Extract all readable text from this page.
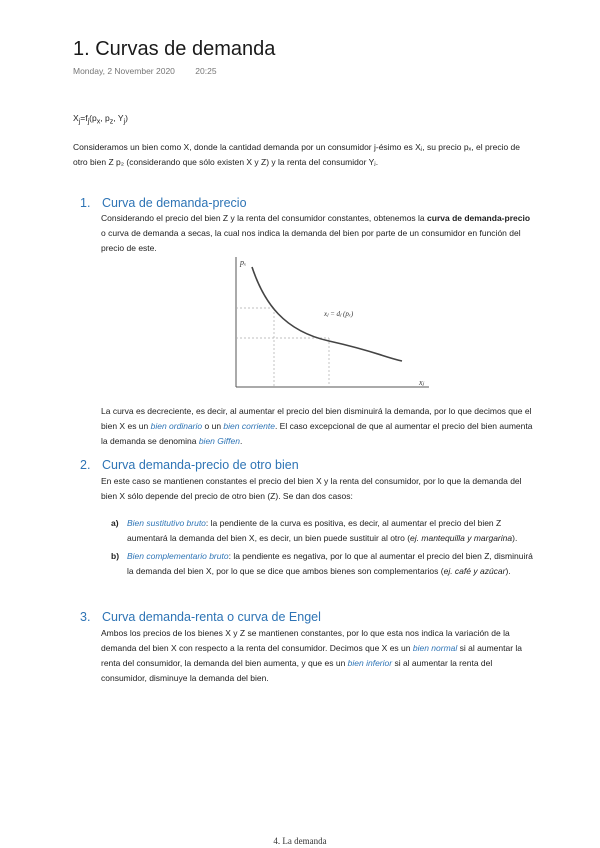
1. Curvas de demanda
Monday, 2 November 2020 20:25
$X_j=f_j(p_x$, $p_z$, $Y_j$)
Consideramos un bien como X, donde la cantidad demanda por un consumidor j-ésimo es Xⱼ, su precio pₓ, el precio de otro bien Z p₂ (considerando que sólo existen X y Z) y la renta del consumidor Yⱼ.
1. Curva de demanda-precio
Considerando el precio del bien Z y la renta del consumidor constantes, obtenemos la curva de demanda-precio o curva de demanda a secas, la cual nos indica la demanda del bien por parte de un consumidor en función del precio de este.
pₓ
xⱼ
xⱼ = dⱼ (pₓ)
La curva es decreciente, es decir, al aumentar el precio del bien disminuirá la demanda, por lo que decimos que el bien X es un bien ordinario o un bien corriente. El caso excepcional de que al aumentar el precio del bien aumenta la demanda se denomina bien Giffen.
2. Curva demanda-precio de otro bien
En este caso se mantienen constantes el precio del bien X y la renta del consumidor, por lo que la demanda del bien X sólo depende del precio de otro bien (Z). Se dan dos casos:
a) Bien sustitutivo bruto: la pendiente de la curva es positiva, es decir, al aumentar el precio del bien Z aumentará la demanda del bien X, es decir, un bien puede sustituir al otro (ej. mantequilla y margarina).
b) Bien complementario bruto: la pendiente es negativa, por lo que al aumentar el precio del bien Z, disminuirá la demanda del bien X, por lo que se dice que ambos bienes son complementarios (ej. café y azúcar).
3. Curva demanda-renta o curva de Engel
Ambos los precios de los bienes X y Z se mantienen constantes, por lo que esta nos indica la variación de la demanda del bien X con respecto a la renta del consumidor. Decimos que X es un bien normal si al aumentar la renta del consumidor, la demanda del bien aumenta, y que es un bien inferior si al aumentar la renta del consumidor, disminuye la demanda del bien.
4. La demanda
